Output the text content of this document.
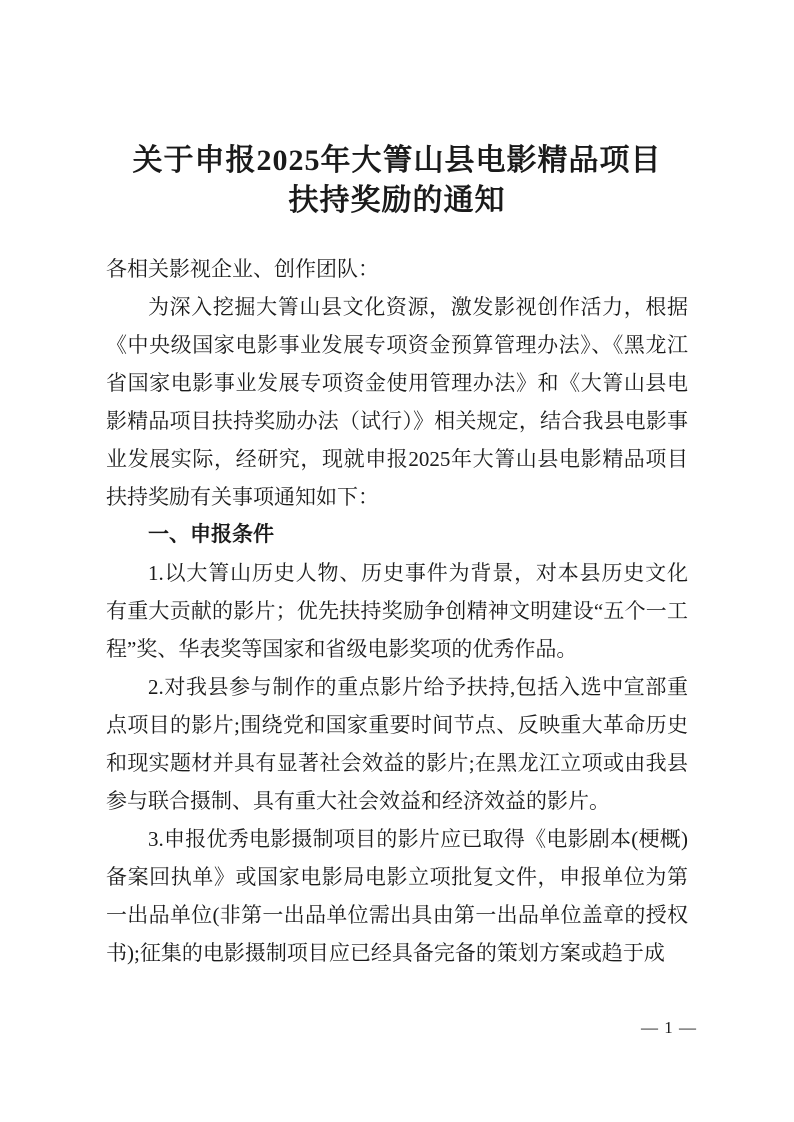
关于申报2025年大箐山县电影精品项目
扶持奖励的通知

各相关影视企业、创作团队：

为深入挖掘大箐山县文化资源，激发影视创作活力，根据《中央级国家电影事业发展专项资金预算管理办法》、《黑龙江省国家电影事业发展专项资金使用管理办法》和《大箐山县电影精品项目扶持奖励办法（试行）》相关规定，结合我县电影事业发展实际，经研究，现就申报2025年大箐山县电影精品项目扶持奖励有关事项通知如下：

一、申报条件

1.以大箐山历史人物、历史事件为背景，对本县历史文化有重大贡献的影片；优先扶持奖励争创精神文明建设“五个一工程”奖、华表奖等国家和省级电影奖项的优秀作品。

2.对我县参与制作的重点影片给予扶持,包括入选中宣部重点项目的影片;围绕党和国家重要时间节点、反映重大革命历史和现实题材并具有显著社会效益的影片;在黑龙江立项或由我县参与联合摄制、具有重大社会效益和经济效益的影片。

3.申报优秀电影摄制项目的影片应已取得《电影剧本(梗概)备案回执单》或国家电影局电影立项批复文件，申报单位为第一出品单位(非第一出品单位需出具由第一出品单位盖章的授权书);征集的电影摄制项目应已经具备完备的策划方案或趋于成

— 1 —
